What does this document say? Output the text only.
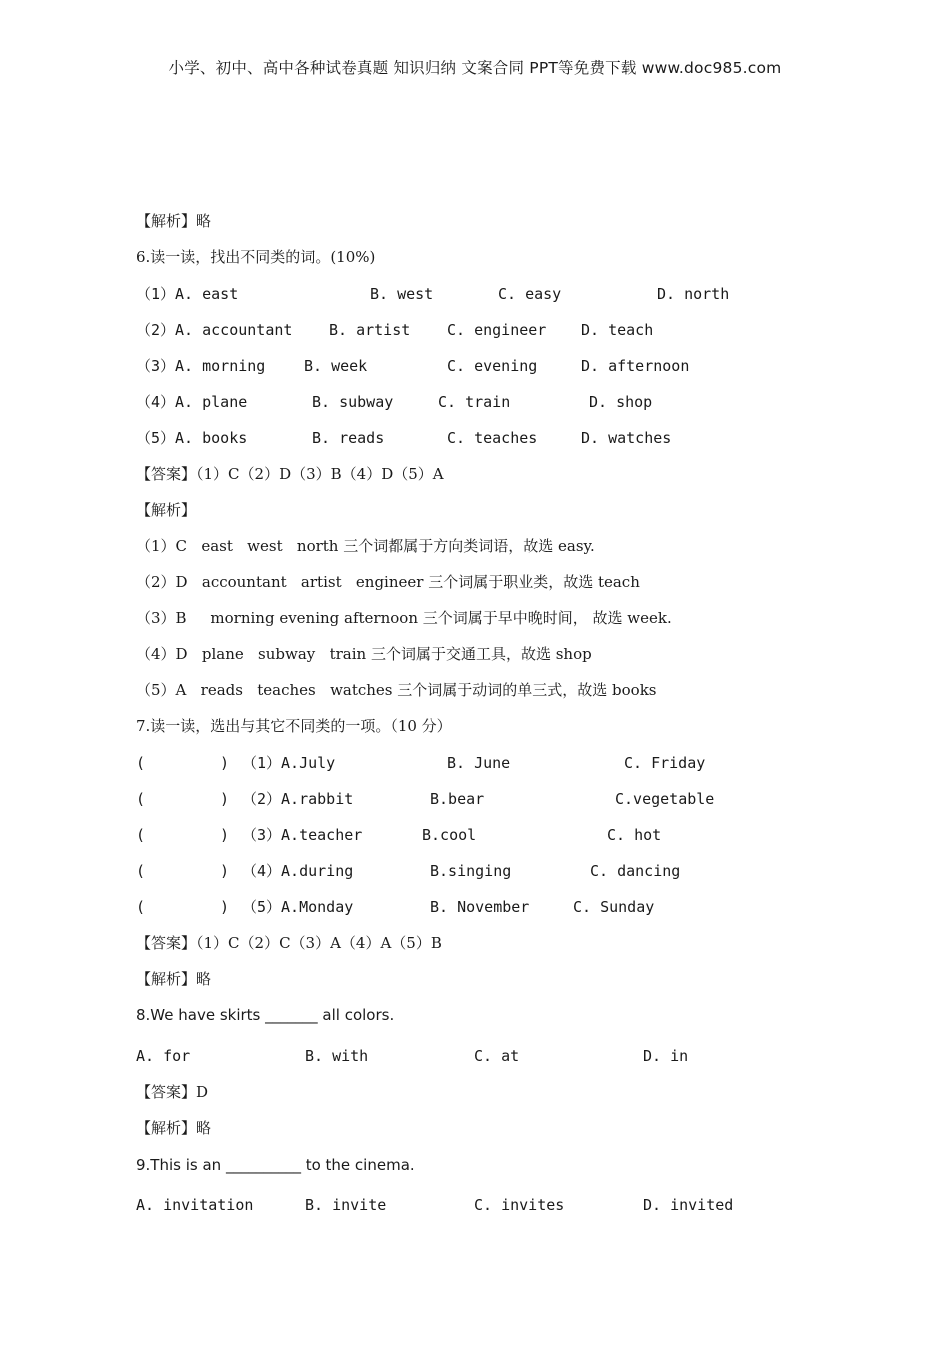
小学、初中、高中各种试卷真题 知识归纳 文案合同 PPT等免费下载 www.doc985.com
【解析】略
6.读一读，找出不同类的词。(10%)

（1）A. east

	B. west

	C. easy

	D. north

（2）A. accountant

B. artist

C. engineer

D. teach

（3）A. morning

	B. week

	C. evening

	D. afternoon

（4）A. plane

	B. subway

	C. train

	D. shop

（5）A. books

	B. reads

	C. teaches

	D. watches

【答案】（1）C（2）D（3）B（4）D（5）A
【解析】
（1）C   east   west   north 三个词都属于方向类词语，故选 easy.
（2）D   accountant   artist   engineer 三个词属于职业类，故选 teach
（3）B     morning evening afternoon 三个词属于早中晚时间， 故选 week.
（4）D   plane   subway   train 三个词属于交通工具，故选 shop
（5）A   reads   teaches   watches 三个词属于动词的单三式，故选 books
7.读一读，选出与其它不同类的一项。（10 分）

(

	)

（1）A.July

	B. June

	C. Friday

(

	)

（2）A.rabbit

	B.bear

	C.vegetable

(

	)

（3）A.teacher

	B.cool

	C. hot

(

	)

（4）A.during

	B.singing

	C. dancing

(

	)

（5）A.Monday

	B. November

	C. Sunday

【答案】（1）C（2）C（3）A（4）A（5）B
【解析】略
8.We have skirts _______ all colors.

A. for

	B. with

	C. at

	D. in

【答案】D
【解析】略
9.This is an __________ to the cinema.

A. invitation

	B. invite

	C. invites

	D. invited
